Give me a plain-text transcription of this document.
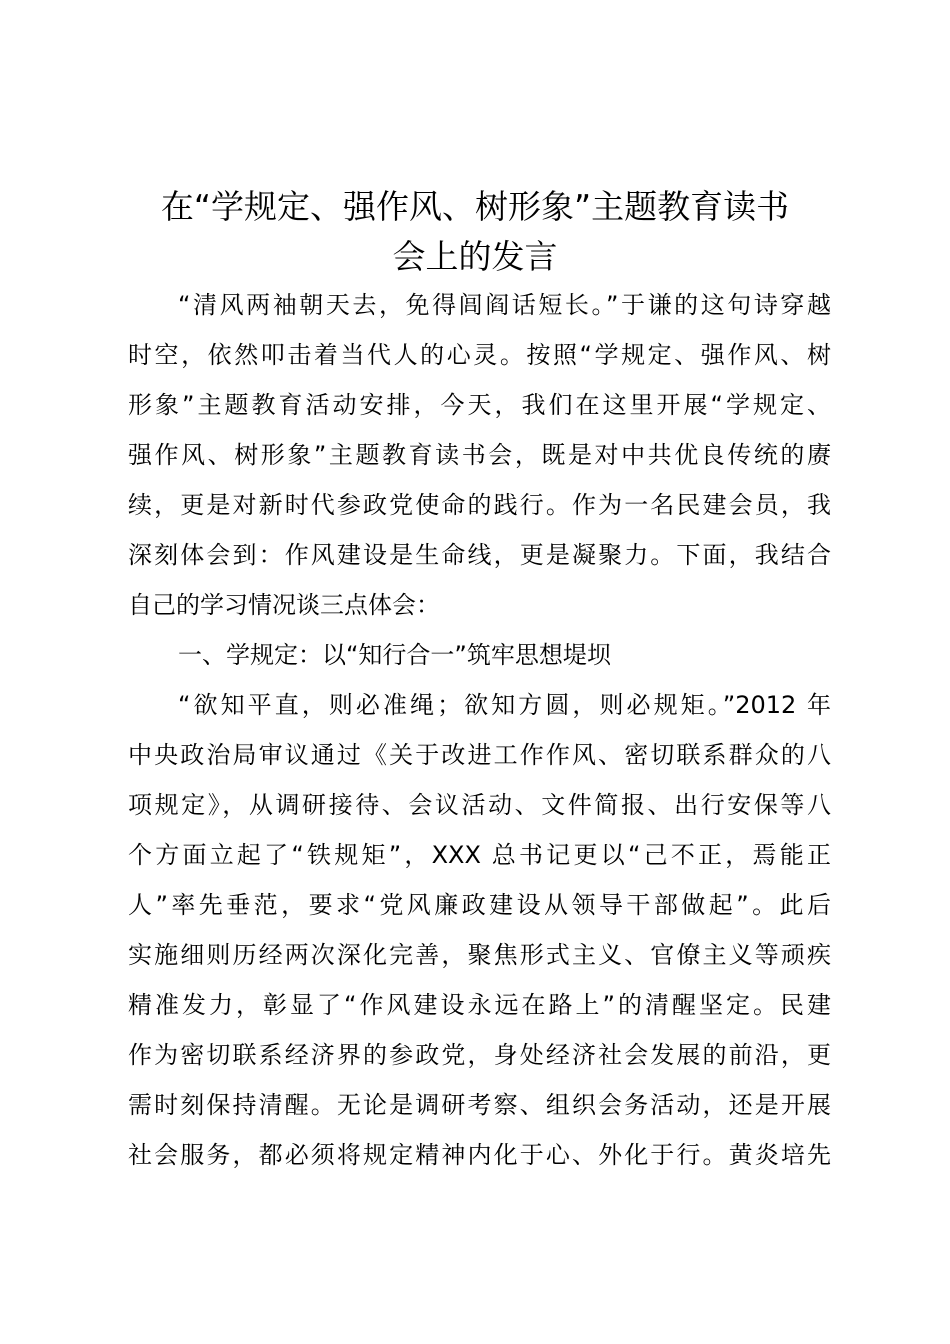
在“学规定、强作风、树形象”主题教育读书
会上的发言
“清风两袖朝天去，免得闾阎话短长。”于谦的这句诗穿越
时空，依然叩击着当代人的心灵。按照“学规定、强作风、树
形象”主题教育活动安排，今天，我们在这里开展“学规定、
强作风、树形象”主题教育读书会，既是对中共优良传统的赓
续，更是对新时代参政党使命的践行。作为一名民建会员，我
深刻体会到：作风建设是生命线，更是凝聚力。下面，我结合
自己的学习情况谈三点体会：
一、学规定：以“知行合一”筑牢思想堤坝
“欲知平直，则必准绳；欲知方圆，则必规矩。”2012 年
中央政治局审议通过《关于改进工作作风、密切联系群众的八
项规定》，从调研接待、会议活动、文件简报、出行安保等八
个方面立起了“铁规矩”，XXX 总书记更以“己不正，焉能正
人”率先垂范，要求“党风廉政建设从领导干部做起”。此后
实施细则历经两次深化完善，聚焦形式主义、官僚主义等顽疾
精准发力，彰显了“作风建设永远在路上”的清醒坚定。民建
作为密切联系经济界的参政党，身处经济社会发展的前沿，更
需时刻保持清醒。无论是调研考察、组织会务活动，还是开展
社会服务，都必须将规定精神内化于心、外化于行。黄炎培先
